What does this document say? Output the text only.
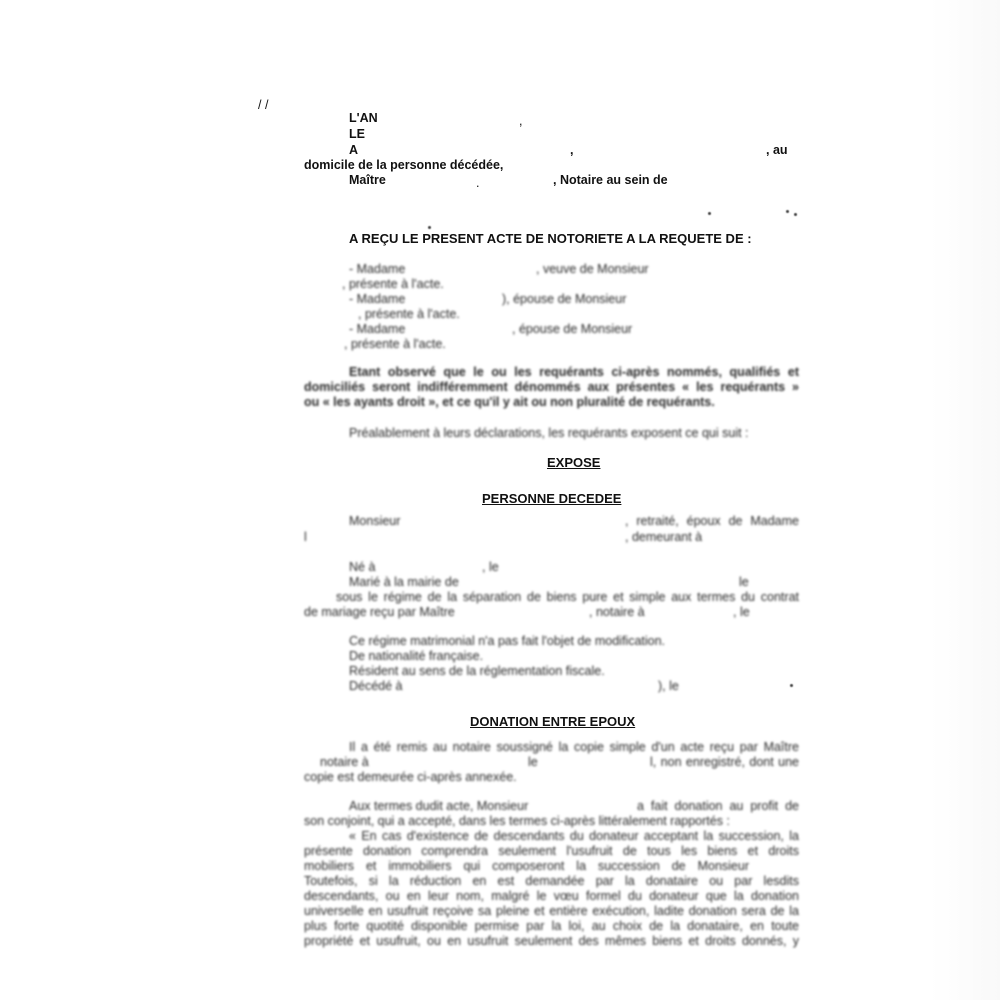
/ /
L'AN	,
LE
A	,	, au
domicile de la personne décédée,
Maître	.	, Notaire au sein de
A REÇU LE PRESENT ACTE DE NOTORIETE A LA REQUETE DE :
- Madame	, veuve de Monsieur
, présente à l'acte.
- Madame	), épouse de Monsieur
, présente à l'acte.
- Madame	, épouse de Monsieur
, présente à l'acte.
Etant observé que le ou les requérants ci-après nommés, qualifiés et
domiciliés seront indifféremment dénommés aux présentes « les requérants »
ou « les ayants droit », et ce qu'il y ait ou non pluralité de requérants.
Préalablement à leurs déclarations, les requérants exposent ce qui suit :
EXPOSE
PERSONNE DECEDEE
Monsieur	, retraité, époux de Madame
l	, demeurant à
Né à	, le
Marié à la mairie de	le
sous le régime de la séparation de biens pure et simple aux termes du contrat
de mariage reçu par Maître	, notaire à	, le
Ce régime matrimonial n'a pas fait l'objet de modification.
De nationalité française.
Résident au sens de la réglementation fiscale.
Décédé à	), le
DONATION ENTRE EPOUX
Il a été remis au notaire soussigné la copie simple d'un acte reçu par Maître
notaire à	le	l, non enregistré, dont une
copie est demeurée ci-après annexée.
Aux termes dudit acte, Monsieur	a fait donation au profit de
son conjoint, qui a accepté, dans les termes ci-après littéralement rapportés :
« En cas d'existence de descendants du donateur acceptant la succession, la
présente donation comprendra seulement l'usufruit de tous les biens et droits
mobiliers et immobiliers qui composeront la succession de Monsieur
Toutefois, si la réduction en est demandée par la donataire ou par lesdits
descendants, ou en leur nom, malgré le vœu formel du donateur que la donation
universelle en usufruit reçoive sa pleine et entière exécution, ladite donation sera de la
plus forte quotité disponible permise par la loi, au choix de la donataire, en toute
propriété et usufruit, ou en usufruit seulement des mêmes biens et droits donnés, y
